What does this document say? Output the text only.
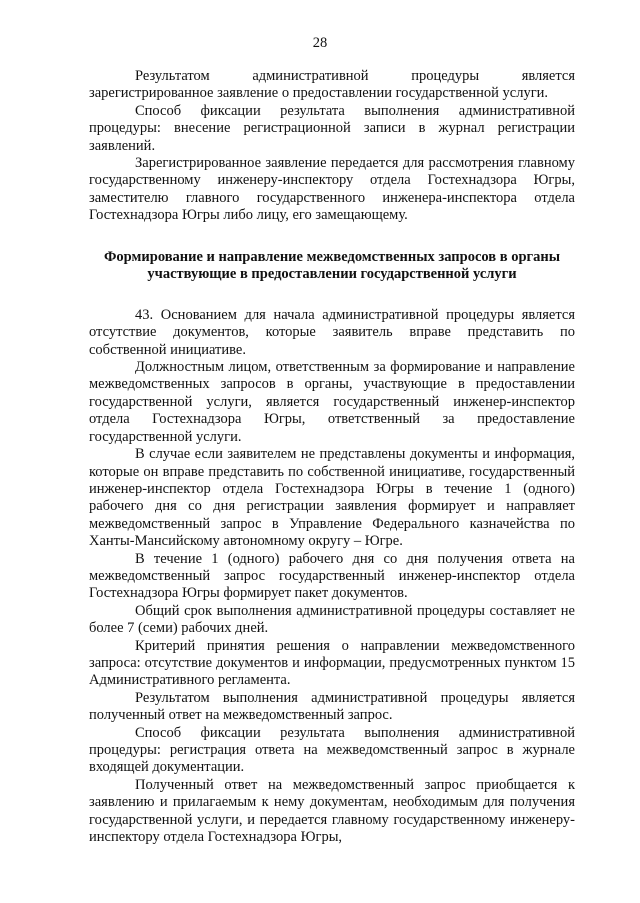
28

Результатом административной процедуры является зарегистрированное заявление о предоставлении государственной услуги.

Способ фиксации результата выполнения административной процедуры: внесение регистрационной записи в журнал регистрации заявлений.

Зарегистрированное заявление передается для рассмотрения главному государственному инженеру-инспектору отдела Гостехнадзора Югры, заместителю главного государственного инженера-инспектора отдела Гостехнадзора Югры либо лицу, его замещающему.

Формирование и направление межведомственных запросов в органы участвующие в предоставлении государственной услуги

43. Основанием для начала административной процедуры является отсутствие документов, которые заявитель вправе представить по собственной инициативе.

Должностным лицом, ответственным за формирование и направление межведомственных запросов в органы, участвующие в предоставлении государственной услуги, является государственный инженер-инспектор отдела Гостехнадзора Югры, ответственный за предоставление государственной услуги.

В случае если заявителем не представлены документы и информация, которые он вправе представить по собственной инициативе, государственный инженер-инспектор отдела Гостехнадзора Югры в течение 1 (одного) рабочего дня со дня регистрации заявления формирует и направляет межведомственный запрос в Управление Федерального казначейства по Ханты-Мансийскому автономному округу – Югре.

В течение 1 (одного) рабочего дня со дня получения ответа на межведомственный запрос государственный инженер-инспектор отдела Гостехнадзора Югры формирует пакет документов.

Общий срок выполнения административной процедуры составляет не более 7 (семи) рабочих дней.

Критерий принятия решения о направлении межведомственного запроса: отсутствие документов и информации, предусмотренных пунктом 15 Административного регламента.

Результатом выполнения административной процедуры является полученный ответ на межведомственный запрос.

Способ фиксации результата выполнения административной процедуры: регистрация ответа на межведомственный запрос в журнале входящей документации.

Полученный ответ на межведомственный запрос приобщается к заявлению и прилагаемым к нему документам, необходимым для получения государственной услуги, и передается главному государственному инженеру-инспектору отдела Гостехнадзора Югры,
